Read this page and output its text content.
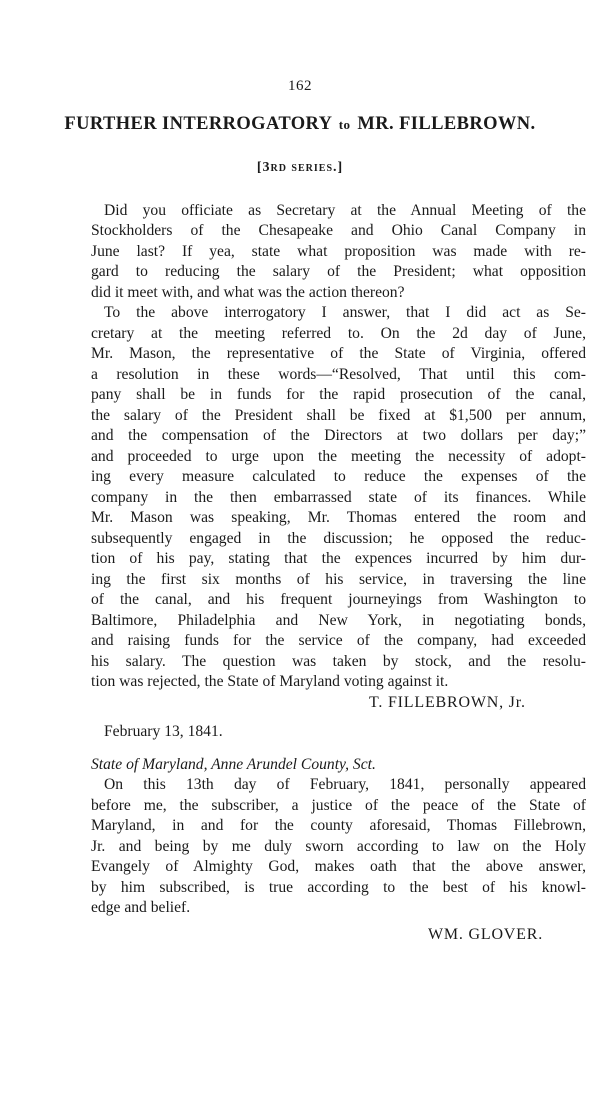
162
FURTHER INTERROGATORY to MR. FILLEBROWN.
[3rd series.]
Did you officiate as Secretary at the Annual Meeting of the
Stockholders of the Chesapeake and Ohio Canal Company in
June last? If yea, state what proposition was made with re-
gard to reducing the salary of the President; what opposition
did it meet with, and what was the action thereon?
To the above interrogatory I answer, that I did act as Se-
cretary at the meeting referred to. On the 2d day of June,
Mr. Mason, the representative of the State of Virginia, offered
a resolution in these words—“Resolved, That until this com-
pany shall be in funds for the rapid prosecution of the canal,
the salary of the President shall be fixed at $1,500 per annum,
and the compensation of the Directors at two dollars per day;”
and proceeded to urge upon the meeting the necessity of adopt-
ing every measure calculated to reduce the expenses of the
company in the then embarrassed state of its finances. While
Mr. Mason was speaking, Mr. Thomas entered the room and
subsequently engaged in the discussion; he opposed the reduc-
tion of his pay, stating that the expences incurred by him dur-
ing the first six months of his service, in traversing the line
of the canal, and his frequent journeyings from Washington to
Baltimore, Philadelphia and New York, in negotiating bonds,
and raising funds for the service of the company, had exceeded
his salary. The question was taken by stock, and the resolu-
tion was rejected, the State of Maryland voting against it.
T. FILLEBROWN, Jr.
February 13, 1841.
State of Maryland, Anne Arundel County, Sct.
On this 13th day of February, 1841, personally appeared
before me, the subscriber, a justice of the peace of the State of
Maryland, in and for the county aforesaid, Thomas Fillebrown,
Jr. and being by me duly sworn according to law on the Holy
Evangely of Almighty God, makes oath that the above answer,
by him subscribed, is true according to the best of his knowl-
edge and belief.
WM. GLOVER.
